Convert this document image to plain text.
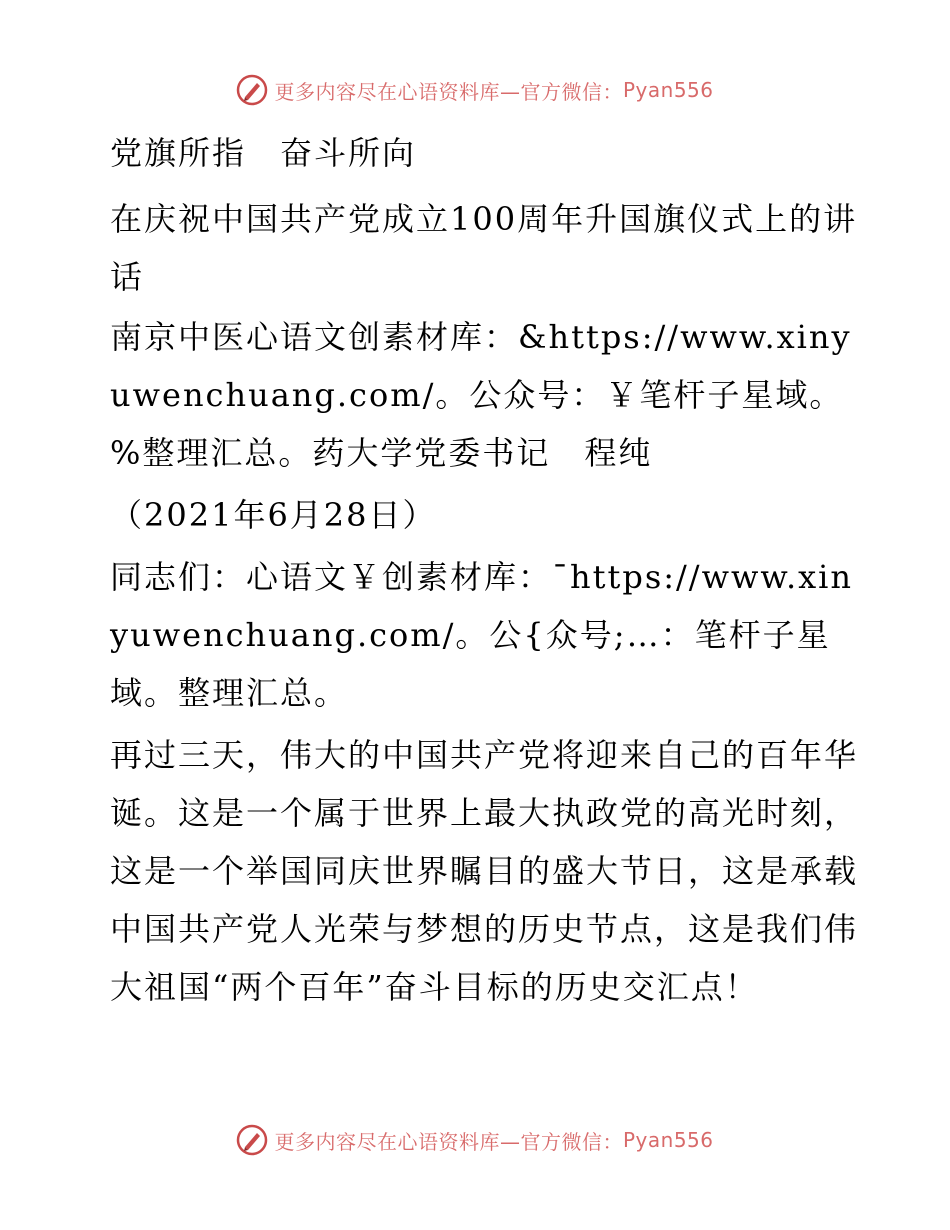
更多内容尽在心语资料库—官方微信： Pyan556

党旗所指　奋斗所向

在庆祝中国共产党成立100周年升国旗仪式上的讲话

南京中医心语文创素材库：&https://www.xinyuwenchuang.com/。公众号：￥笔杆子星域。%整理汇总。药大学党委书记　程纯

（2021年6月28日）

同志们：心语文￥创素材库：¯https://www.xinyuwenchuang.com/。公{众号;…：笔杆子星域。整理汇总。

再过三天，伟大的中国共产党将迎来自己的百年华诞。这是一个属于世界上最大执政党的高光时刻，这是一个举国同庆世界瞩目的盛大节日，这是承载中国共产党人光荣与梦想的历史节点，这是我们伟大祖国“两个百年”奋斗目标的历史交汇点！

更多内容尽在心语资料库—官方微信： Pyan556
